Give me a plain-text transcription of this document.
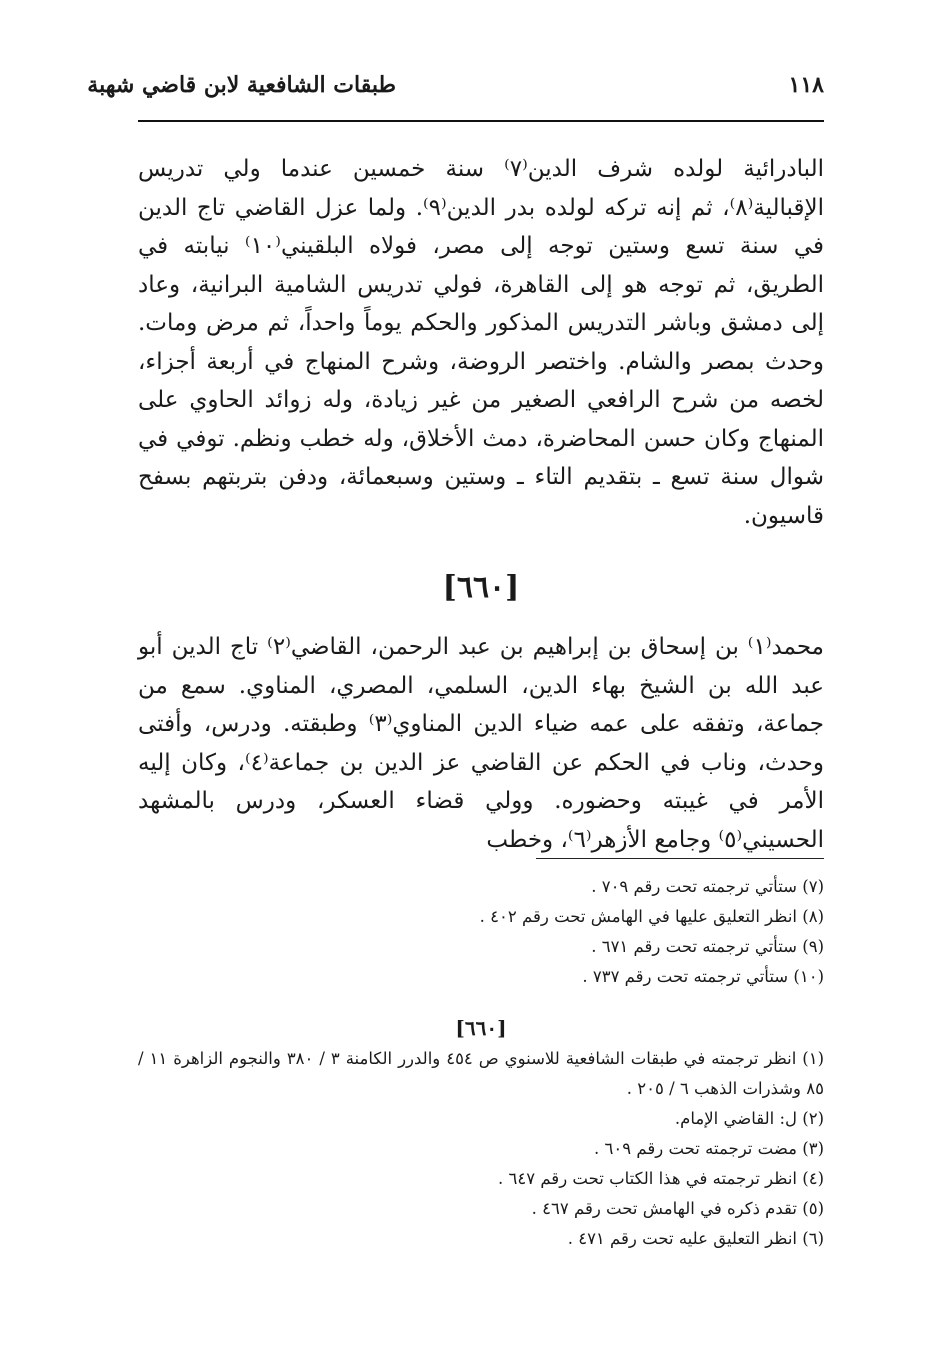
١١٨
طبقات الشافعية لابن قاضي شهبة

البادرائية لولده شرف الدين⁽٧⁾ سنة خمسين عندما ولي تدريس الإقبالية⁽٨⁾، ثم إنه تركه لولده بدر الدين⁽٩⁾. ولما عزل القاضي تاج الدين في سنة تسع وستين توجه إلى مصر، فولاه البلقيني⁽١٠⁾ نيابته في الطريق، ثم توجه هو إلى القاهرة، فولي تدريس الشامية البرانية، وعاد إلى دمشق وباشر التدريس المذكور والحكم يوماً واحداً، ثم مرض ومات. وحدث بمصر والشام. واختصر الروضة، وشرح المنهاج في أربعة أجزاء، لخصه من شرح الرافعي الصغير من غير زيادة، وله زوائد الحاوي على المنهاج وكان حسن المحاضرة، دمث الأخلاق، وله خطب ونظم. توفي في شوال سنة تسع ـ بتقديم التاء ـ وستين وسبعمائة، ودفن بتربتهم بسفح قاسيون.

[٦٦٠]

محمد⁽١⁾ بن إسحاق بن إبراهيم بن عبد الرحمن، القاضي⁽٢⁾ تاج الدين أبو عبد الله بن الشيخ بهاء الدين، السلمي، المصري، المناوي. سمع من جماعة، وتفقه على عمه ضياء الدين المناوي⁽٣⁾ وطبقته. ودرس، وأفتى وحدث، وناب في الحكم عن القاضي عز الدين بن جماعة⁽٤⁾، وكان إليه الأمر في غيبته وحضوره. وولي قضاء العسكر، ودرس بالمشهد الحسيني⁽٥⁾ وجامع الأزهر⁽٦⁾، وخطب

(٧) ستأتي ترجمته تحت رقم ٧٠٩ .
(٨) انظر التعليق عليها في الهامش تحت رقم ٤٠٢ .
(٩) ستأتي ترجمته تحت رقم ٦٧١ .
(١٠) ستأتي ترجمته تحت رقم ٧٣٧ .
[٦٦٠]
(١) انظر ترجمته في طبقات الشافعية للاسنوي ص ٤٥٤ والدرر الكامنة ٣ / ٣٨٠ والنجوم الزاهرة ١١ / ٨٥ وشذرات الذهب ٦ / ٢٠٥ .
(٢) ل: القاضي الإمام.
(٣) مضت ترجمته تحت رقم ٦٠٩ .
(٤) انظر ترجمته في هذا الكتاب تحت رقم ٦٤٧ .
(٥) تقدم ذكره في الهامش تحت رقم ٤٦٧ .
(٦) انظر التعليق عليه تحت رقم ٤٧١ .
